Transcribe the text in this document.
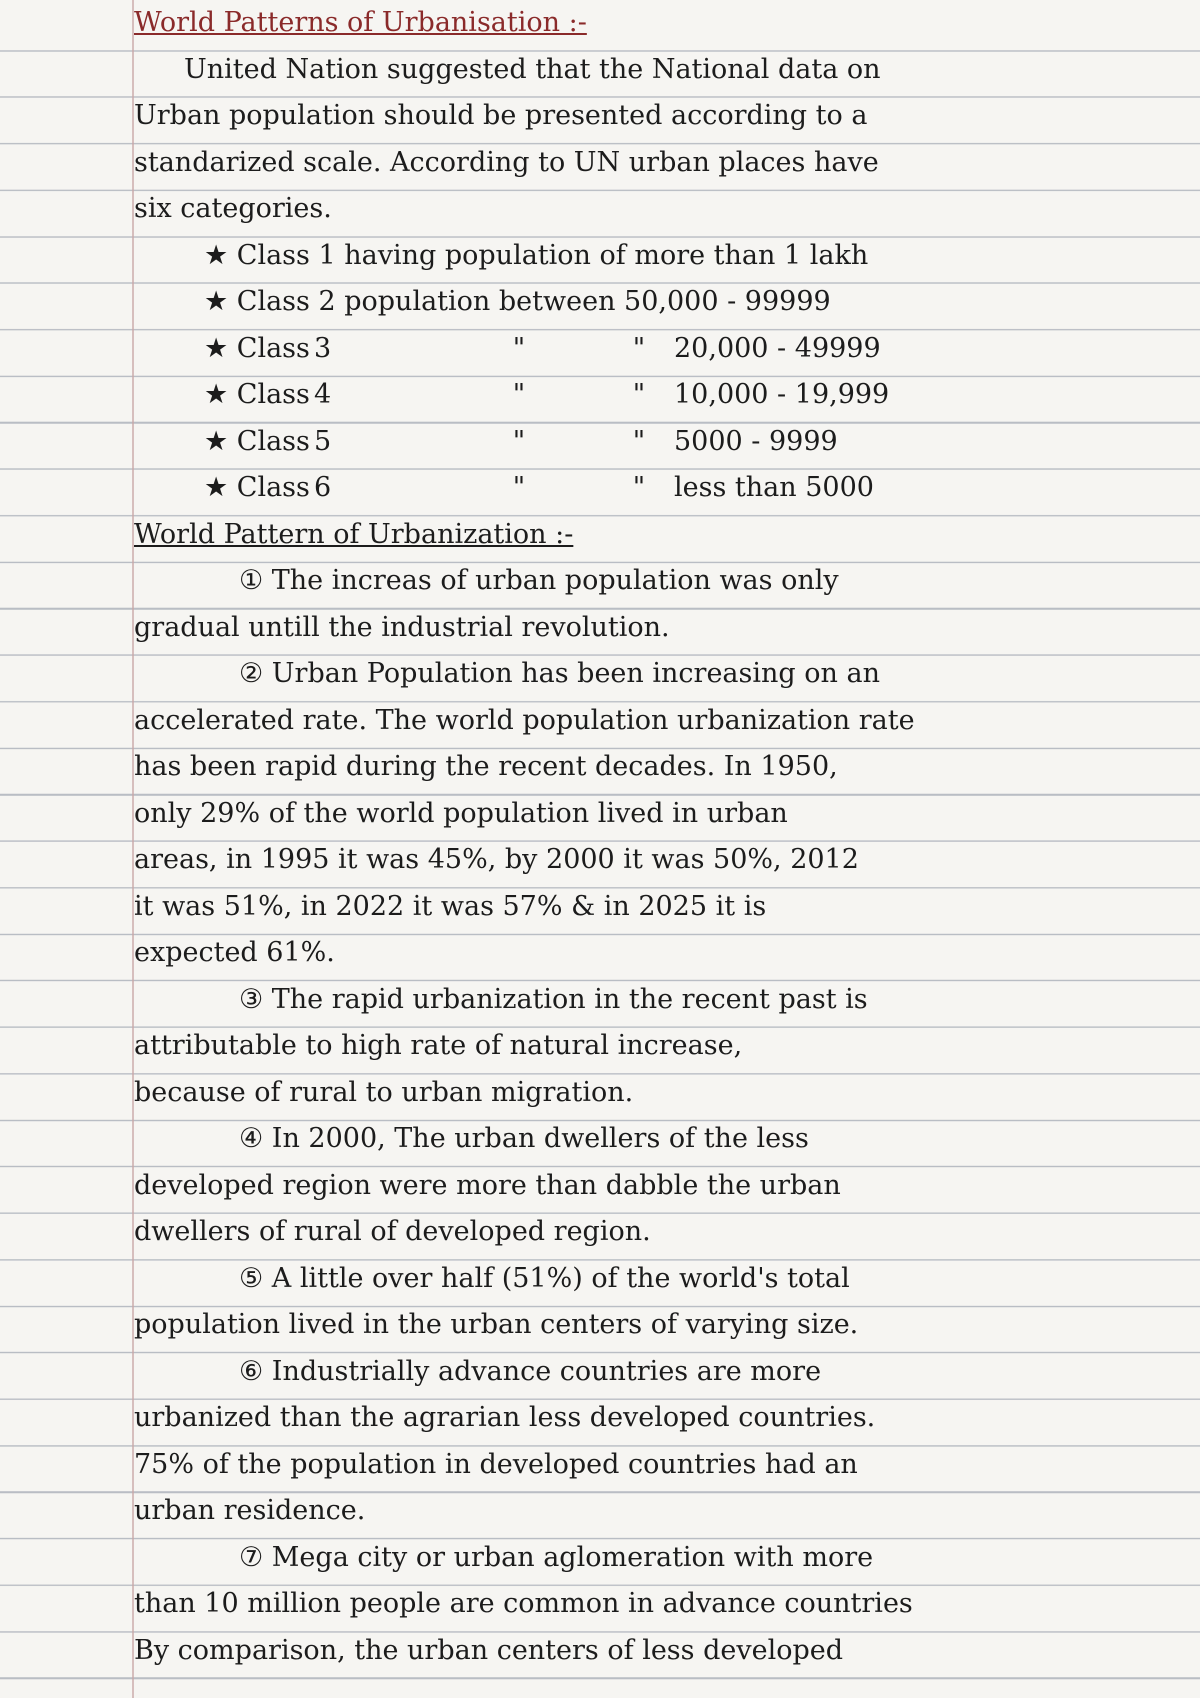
World Patterns of Urbanisation :-
United Nation suggested that the National data on
Urban population should be presented according to a
standarized scale. According to UN urban places have
six categories.
★ Class 1 having population of more than 1 lakh
★ Class 2 population between 50,000 - 99999
★ Class 3	"	"	20,000 - 49999
★ Class 4	"	"	10,000 - 19,999
★ Class 5	"	"	5000 - 9999
★ Class 6	"	"	less than 5000
World Pattern of Urbanization :-
① The increas of urban population was only
gradual untill the industrial revolution.
② Urban Population has been increasing on an
accelerated rate. The world population urbanization rate
has been rapid during the recent decades. In 1950,
only 29% of the world population lived in urban
areas, in 1995 it was 45%, by 2000 it was 50%, 2012
it was 51%, in 2022 it was 57% & in 2025 it is
expected 61%.
③ The rapid urbanization in the recent past is
attributable to high rate of natural increase,
because of rural to urban migration.
④ In 2000, The urban dwellers of the less
developed region were more than dabble the urban
dwellers of rural of developed region.
⑤ A little over half (51%) of the world's total
population lived in the urban centers of varying size.
⑥ Industrially advance countries are more
urbanized than the agrarian less developed countries.
75% of the population in developed countries had an
urban residence.
⑦ Mega city or urban aglomeration with more
than 10 million people are common in advance countries
By comparison, the urban centers of less developed
